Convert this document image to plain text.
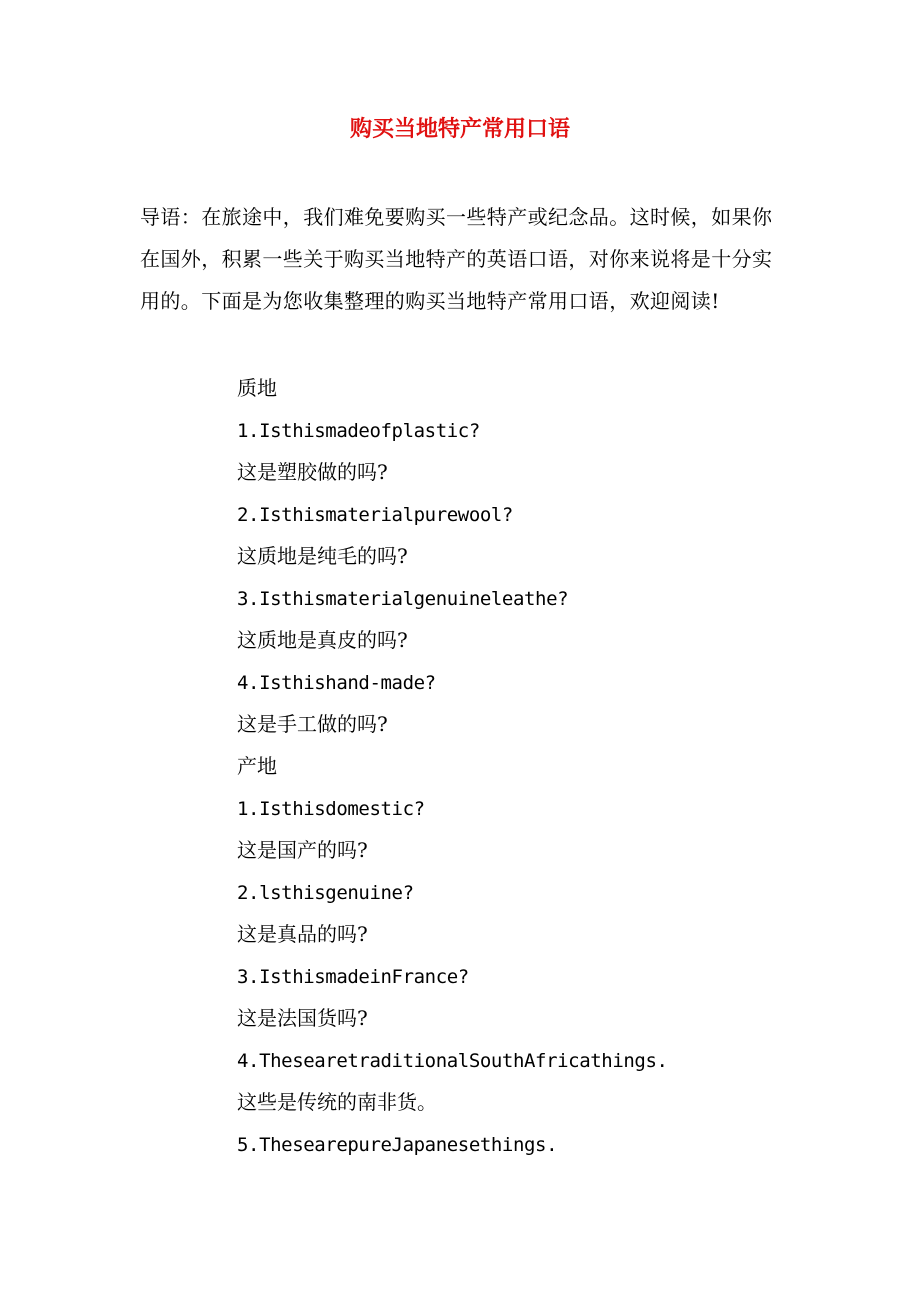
购买当地特产常用口语
导语：在旅途中，我们难免要购买一些特产或纪念品。这时候，如果你在国外，积累一些关于购买当地特产的英语口语，对你来说将是十分实用的。下面是为您收集整理的购买当地特产常用口语，欢迎阅读!
质地
1.Isthismadeofplastic?
这是塑胶做的吗?
2.Isthismaterialpurewool?
这质地是纯毛的吗?
3.Isthismaterialgenuineleathe?
这质地是真皮的吗?
4.Isthishand-made?
这是手工做的吗?
产地
1.Isthisdomestic?
这是国产的吗?
2.lsthisgenuine?
这是真品的吗?
3.IsthismadeinFrance?
这是法国货吗?
4.ThesearetraditionalSouthAfricathings.
这些是传统的南非货。
5.ThesearepureJapanesethings.
